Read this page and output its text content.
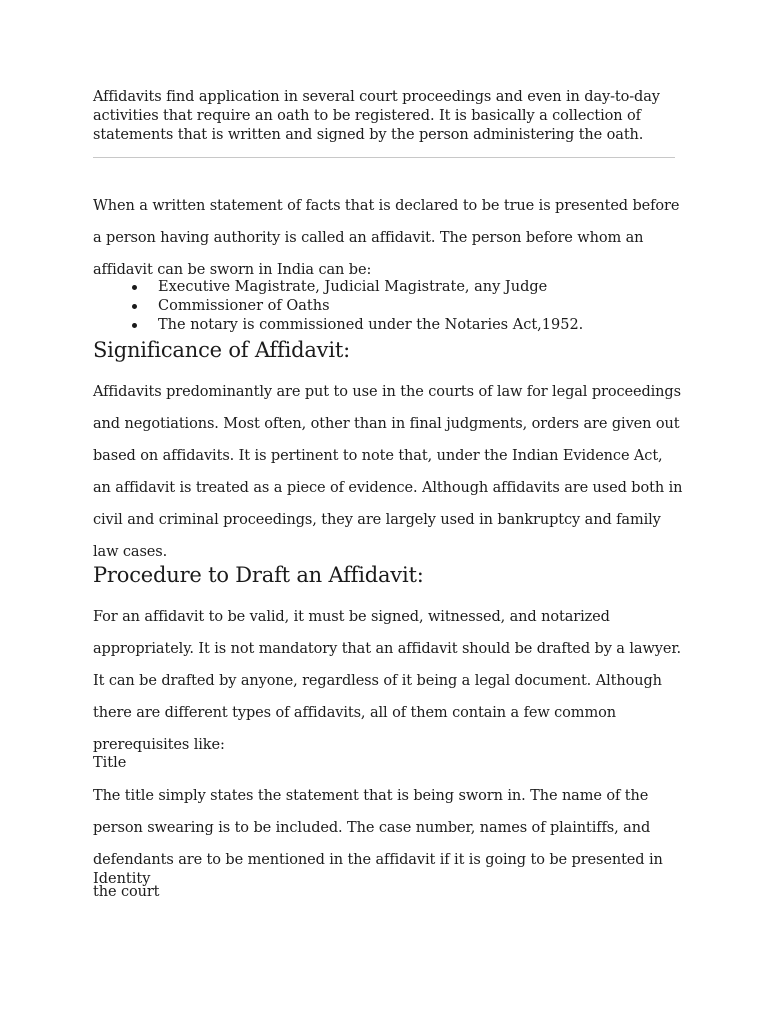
Affidavits find application in several court proceedings and even in day-to-day activities that require an oath to be registered. It is basically a collection of statements that is written and signed by the person administering the oath.

When a written statement of facts that is declared to be true is presented before a person having authority is called an affidavit. The person before whom an affidavit can be sworn in India can be:

Executive Magistrate, Judicial Magistrate, any Judge
Commissioner of Oaths
The notary is commissioned under the Notaries Act,1952.
Significance of Affidavit:

Affidavits predominantly are put to use in the courts of law for legal proceedings and negotiations. Most often, other than in final judgments, orders are given out based on affidavits. It is pertinent to note that, under the Indian Evidence Act, an affidavit is treated as a piece of evidence. Although affidavits are used both in civil and criminal proceedings, they are largely used in bankruptcy and family law cases.

Procedure to Draft an Affidavit:

For an affidavit to be valid, it must be signed, witnessed, and notarized appropriately. It is not mandatory that an affidavit should be drafted by a lawyer. It can be drafted by anyone, regardless of it being a legal document. Although there are different types of affidavits, all of them contain a few common prerequisites like:

Title

The title simply states the statement that is being sworn in. The name of the person swearing is to be included. The case number, names of plaintiffs, and defendants are to be mentioned in the affidavit if it is going to be presented in the court

Identity
